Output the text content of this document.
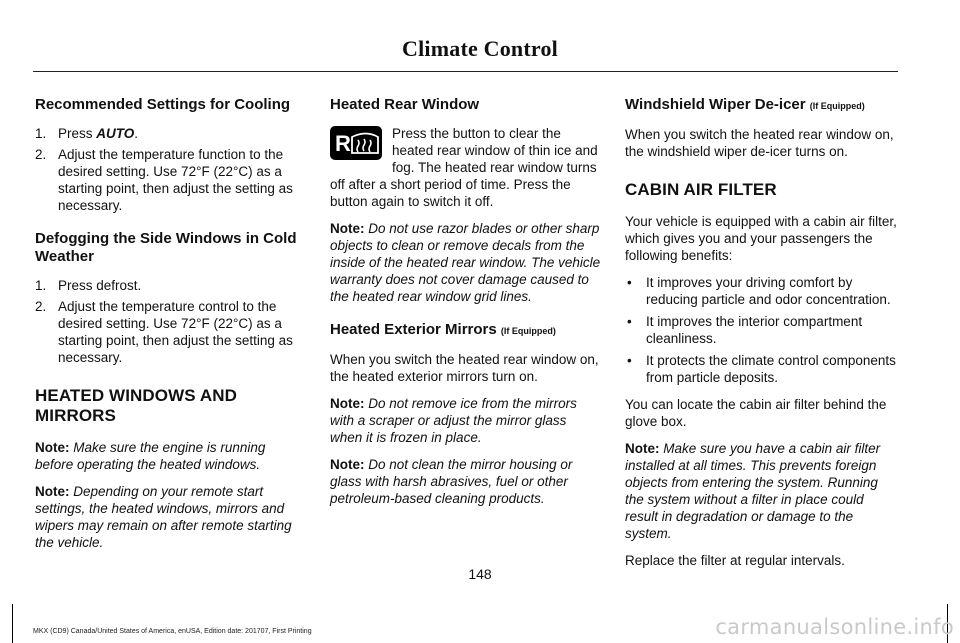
Climate Control
Recommended Settings for Cooling
1. Press AUTO.
2. Adjust the temperature function to the desired setting. Use 72°F (22°C) as a starting point, then adjust the setting as necessary.
Defogging the Side Windows in Cold Weather
1. Press defrost.
2. Adjust the temperature control to the desired setting. Use 72°F (22°C) as a starting point, then adjust the setting as necessary.
HEATED WINDOWS AND MIRRORS

Note: Make sure the engine is running before operating the heated windows.

Note: Depending on your remote start settings, the heated windows, mirrors and wipers may remain on after remote starting the vehicle.

Heated Rear Window

R	Press the button to clear the heated rear window of thin ice and fog. The heated rear window turns off after a short period of time. Press the button again to switch it off.

Note: Do not use razor blades or other sharp objects to clean or remove decals from the inside of the heated rear window. The vehicle warranty does not cover damage caused to the heated rear window grid lines.

Heated Exterior Mirrors (If Equipped)

When you switch the heated rear window on, the heated exterior mirrors turn on.

Note: Do not remove ice from the mirrors with a scraper or adjust the mirror glass when it is frozen in place.

Note: Do not clean the mirror housing or glass with harsh abrasives, fuel or other petroleum-based cleaning products.

Windshield Wiper De-icer (If Equipped)

When you switch the heated rear window on, the windshield wiper de-icer turns on.

CABIN AIR FILTER

Your vehicle is equipped with a cabin air filter, which gives you and your passengers the following benefits:

• It improves your driving comfort by reducing particle and odor concentration.
• It improves the interior compartment cleanliness.
• It protects the climate control components from particle deposits.

You can locate the cabin air filter behind the glove box.

Note: Make sure you have a cabin air filter installed at all times. This prevents foreign objects from entering the system. Running the system without a filter in place could result in degradation or damage to the system.

Replace the filter at regular intervals.

148
MKX (CD9) Canada/United States of America, enUSA, Edition date: 201707, First Printing	carmanualsonline.info
